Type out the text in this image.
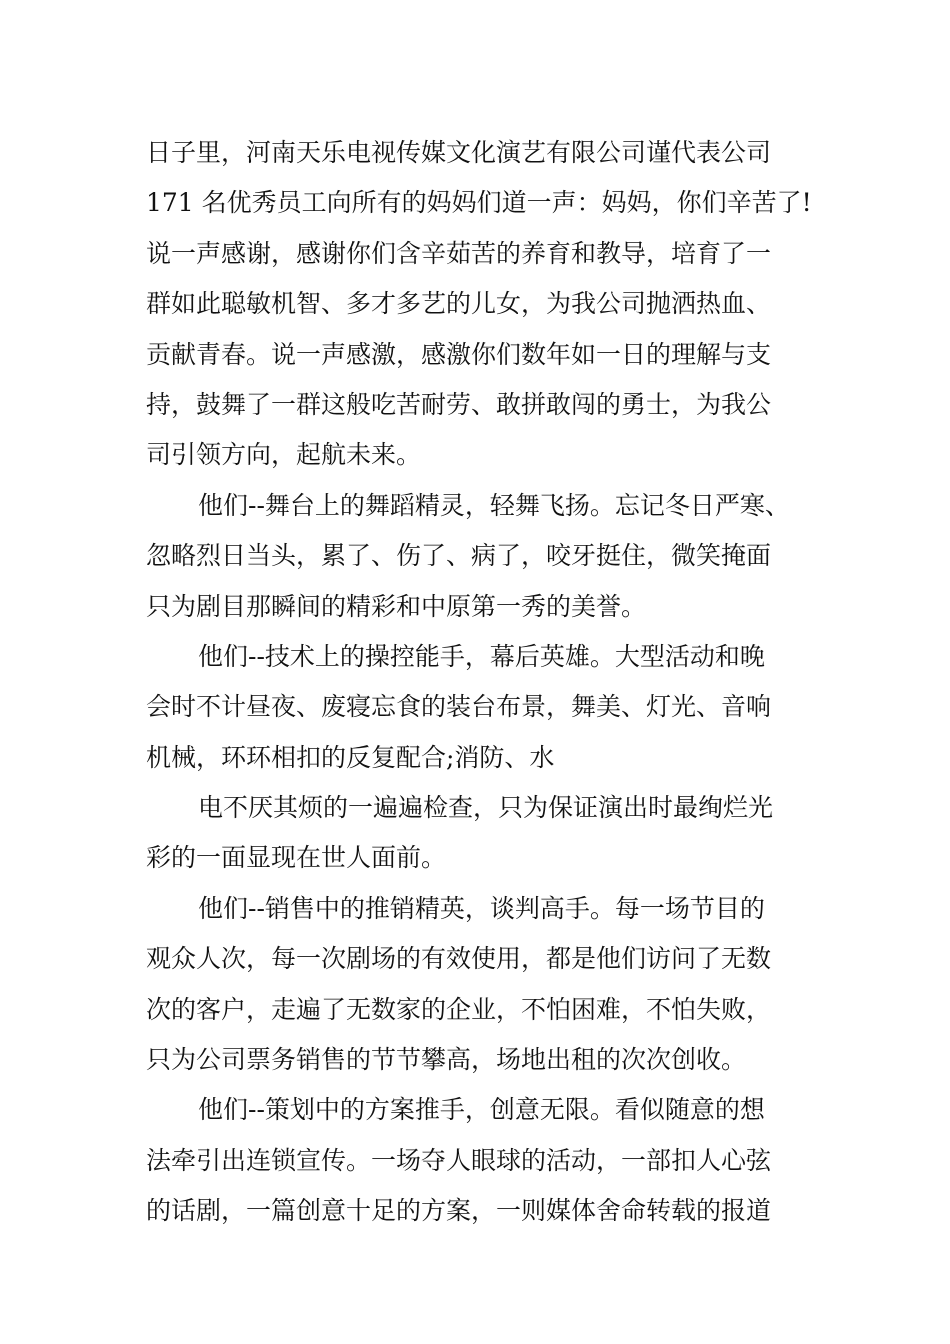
日子里，河南天乐电视传媒文化演艺有限公司谨代表公司
171 名优秀员工向所有的妈妈们道一声：妈妈，你们辛苦了!
说一声感谢，感谢你们含辛茹苦的养育和教导，培育了一
群如此聪敏机智、多才多艺的儿女，为我公司抛洒热血、
贡献青春。说一声感激，感激你们数年如一日的理解与支
持，鼓舞了一群这般吃苦耐劳、敢拼敢闯的勇士，为我公
司引领方向，起航未来。
他们--舞台上的舞蹈精灵，轻舞飞扬。忘记冬日严寒、
忽略烈日当头，累了、伤了、病了，咬牙挺住，微笑掩面
只为剧目那瞬间的精彩和中原第一秀的美誉。
他们--技术上的操控能手，幕后英雄。大型活动和晚
会时不计昼夜、废寝忘食的装台布景，舞美、灯光、音响
机械，环环相扣的反复配合;消防、水
电不厌其烦的一遍遍检查，只为保证演出时最绚烂光
彩的一面显现在世人面前。
他们--销售中的推销精英，谈判高手。每一场节目的
观众人次，每一次剧场的有效使用，都是他们访问了无数
次的客户，走遍了无数家的企业，不怕困难，不怕失败，
只为公司票务销售的节节攀高，场地出租的次次创收。
他们--策划中的方案推手，创意无限。看似随意的想
法牵引出连锁宣传。一场夺人眼球的活动，一部扣人心弦
的话剧，一篇创意十足的方案，一则媒体舍命转载的报道
